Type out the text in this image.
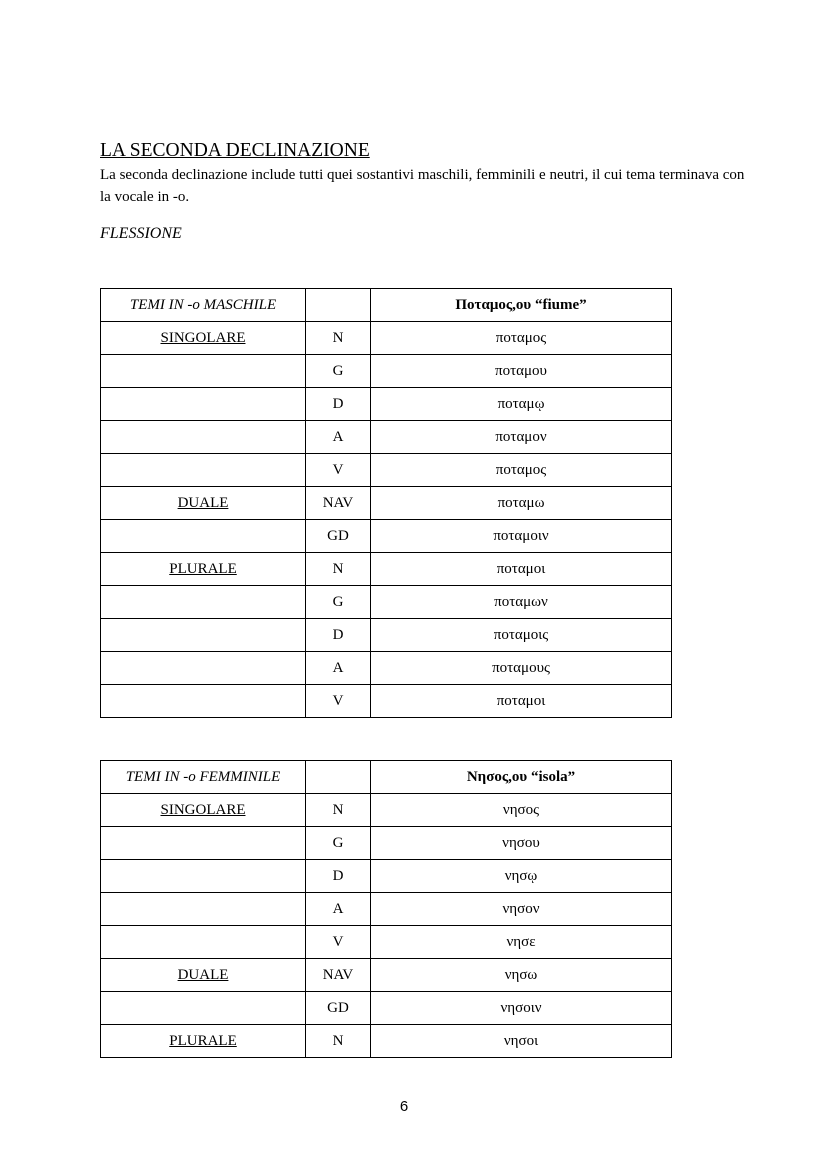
LA SECONDA DECLINAZIONE
La seconda declinazione include tutti quei sostantivi maschili, femminili e neutri, il cui tema terminava con la vocale in -o.
FLESSIONE
TEMI IN -o MASCHILE		Ποταμος,ου “fiume”
SINGOLARE	N	ποταμος
	G	ποταμου
	D	ποταμῳ
	A	ποταμον
	V	ποταμος
DUALE	NAV	ποταμω
	GD	ποταμοιν
PLURALE	N	ποταμοι
	G	ποταμων
	D	ποταμοις
	A	ποταμους
	V	ποταμοι
TEMI IN -o FEMMINILE		Νησος,ου “isola”
SINGOLARE	N	νησος
	G	νησου
	D	νησῳ
	A	νησον
	V	νησε
DUALE	NAV	νησω
	GD	νησοιν
PLURALE	N	νησοι
6
